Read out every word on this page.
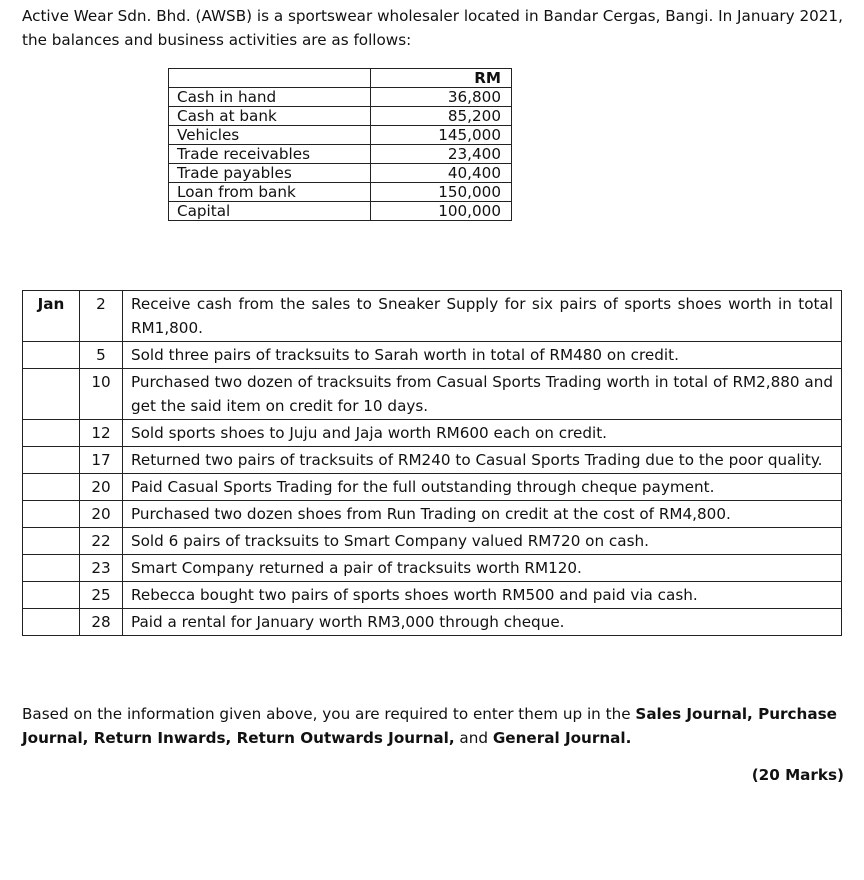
Active Wear Sdn. Bhd. (AWSB) is a sportswear wholesaler located in Bandar Cergas, Bangi. In January 2021, the balances and business activities are as follows:

	RM
Cash in hand	36,800
Cash at bank	85,200
Vehicles	145,000
Trade receivables	23,400
Trade payables	40,400
Loan from bank	150,000
Capital	100,000
Jan	2	Receive cash from the sales to Sneaker Supply for six pairs of sports shoes worth in total RM1,800.
	5	Sold three pairs of tracksuits to Sarah worth in total of RM480 on credit.
	10	Purchased two dozen of tracksuits from Casual Sports Trading worth in total of RM2,880 and get the said item on credit for 10 days.
	12	Sold sports shoes to Juju and Jaja worth RM600 each on credit.
	17	Returned two pairs of tracksuits of RM240 to Casual Sports Trading due to the poor quality.
	20	Paid Casual Sports Trading for the full outstanding through cheque payment.
	20	Purchased two dozen shoes from Run Trading on credit at the cost of RM4,800.
	22	Sold 6 pairs of tracksuits to Smart Company valued RM720 on cash.
	23	Smart Company returned a pair of tracksuits worth RM120.
	25	Rebecca bought two pairs of sports shoes worth RM500 and paid via cash.
	28	Paid a rental for January worth RM3,000 through cheque.

Based on the information given above, you are required to enter them up in the Sales Journal, Purchase Journal, Return Inwards, Return Outwards Journal, and General Journal.

(20 Marks)
